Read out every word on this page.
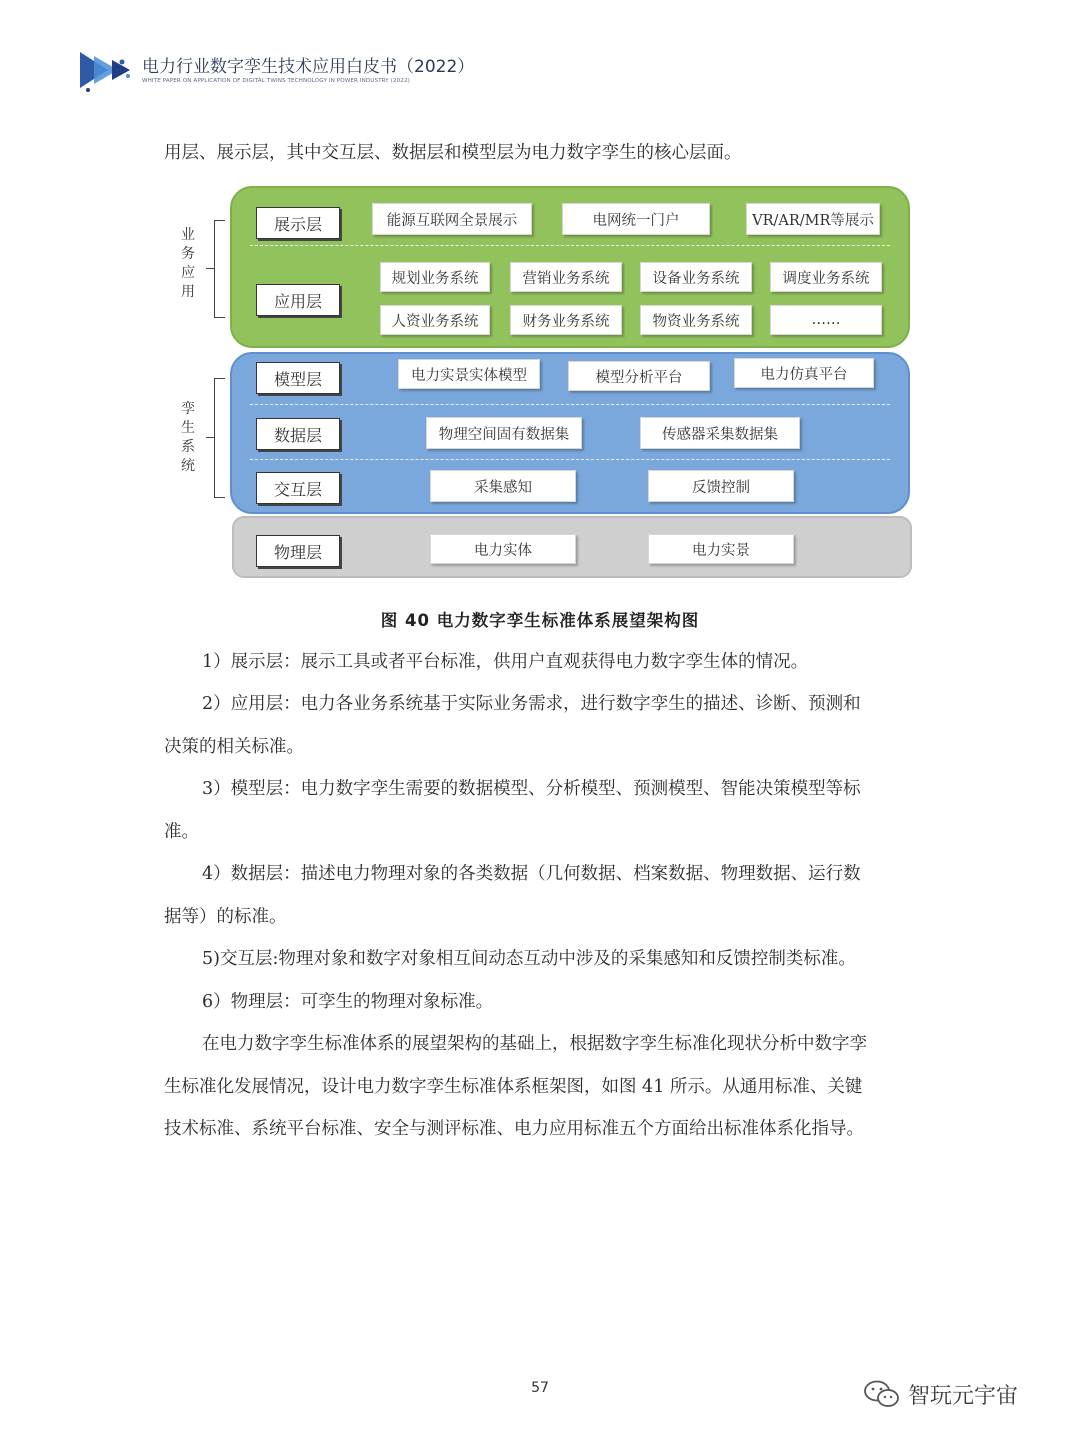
电力行业数字孪生技术应用白皮书（2022）
WHITE PAPER ON APPLICATION OF DIGITAL TWINS TECHNOLOGY IN POWER INDUSTRY (2022)
用层、展示层，其中交互层、数据层和模型层为电力数字孪生的核心层面。
业务应用
孪生系统
展示层	能源互联网全景展示	电网统一门户	VR/AR/MR等展示
应用层
规划业务系统	营销业务系统	设备业务系统	调度业务系统
人资业务系统	财务业务系统	物资业务系统	……
模型层	电力实景实体模型	模型分析平台	电力仿真平台
数据层	物理空间固有数据集	传感器采集数据集
交互层	采集感知	反馈控制
物理层	电力实体	电力实景
图 40 电力数字孪生标准体系展望架构图
1）展示层：展示工具或者平台标准，供用户直观获得电力数字孪生体的情况。
2）应用层：电力各业务系统基于实际业务需求，进行数字孪生的描述、诊断、预测和
决策的相关标准。
3）模型层：电力数字孪生需要的数据模型、分析模型、预测模型、智能决策模型等标
准。
4）数据层：描述电力物理对象的各类数据（几何数据、档案数据、物理数据、运行数
据等）的标准。
5)交互层:物理对象和数字对象相互间动态互动中涉及的采集感知和反馈控制类标准。
6）物理层：可孪生的物理对象标准。
在电力数字孪生标准体系的展望架构的基础上，根据数字孪生标准化现状分析中数字孪
生标准化发展情况，设计电力数字孪生标准体系框架图，如图 41 所示。从通用标准、关键
技术标准、系统平台标准、安全与测评标准、电力应用标准五个方面给出标准体系化指导。
57	智玩元宇宙
